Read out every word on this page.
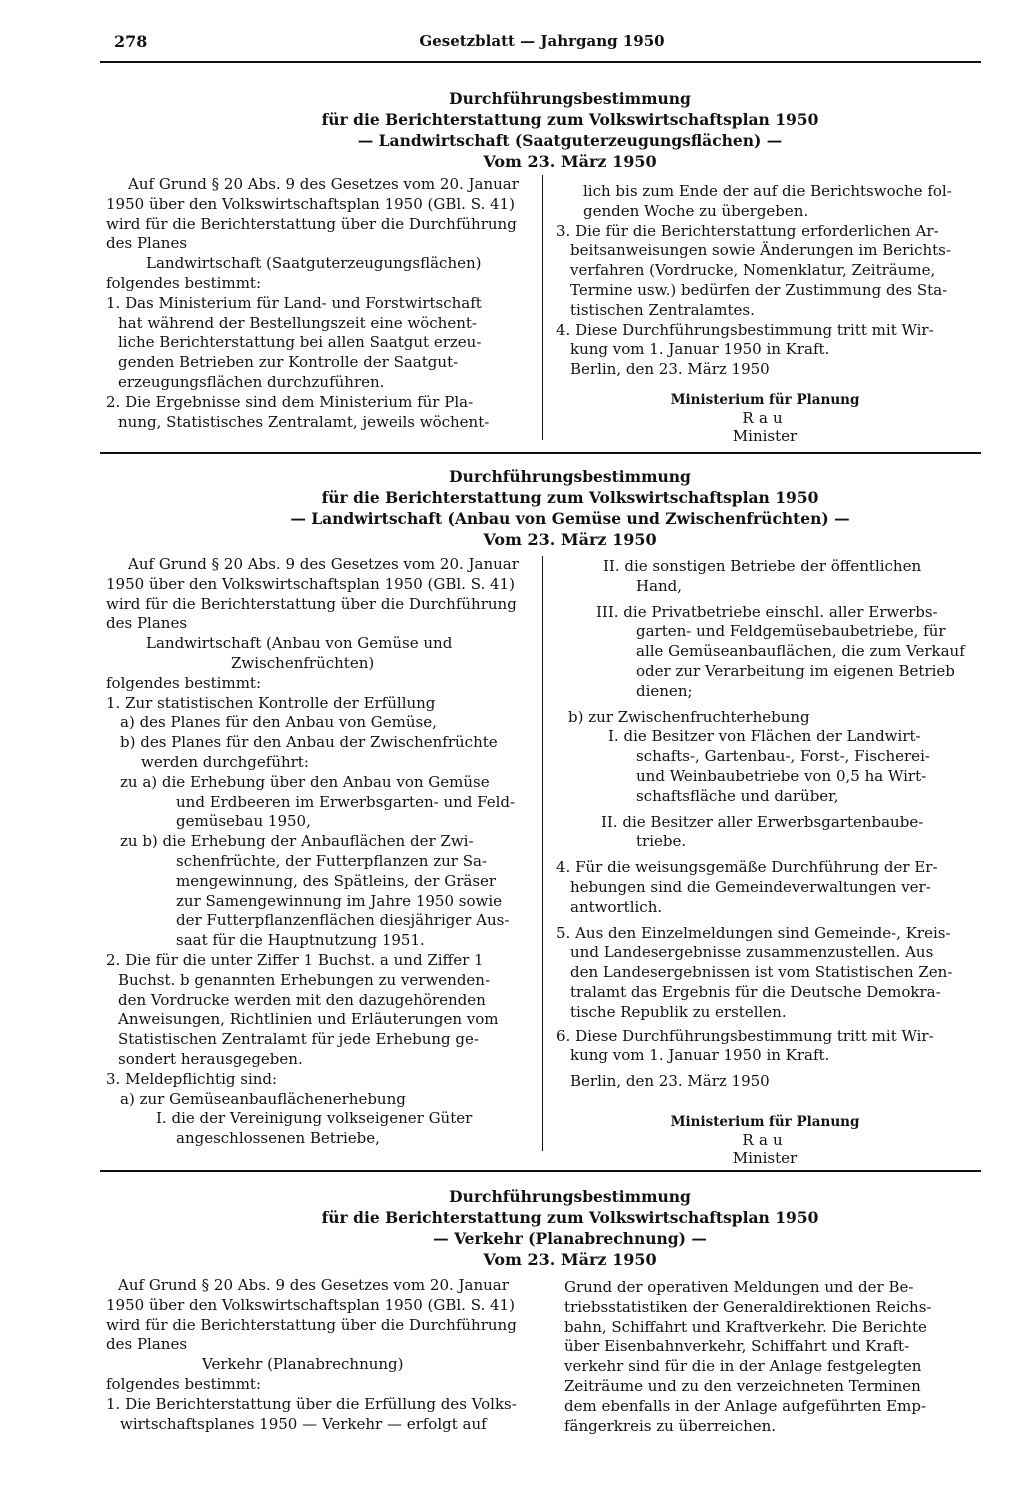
278	Gesetzblatt — Jahrgang 1950
Durchführungsbestimmung
für die Berichterstattung zum Volkswirtschaftsplan 1950
— Landwirtschaft (Saatguterzeugungsflächen) —
Vom 23. März 1950
Auf Grund § 20 Abs. 9 des Gesetzes vom 20. Januar
1950 über den Volkswirtschaftsplan 1950 (GBl. S. 41)
wird für die Berichterstattung über die Durchführung
des Planes
Landwirtschaft (Saatguterzeugungsflächen)
folgendes bestimmt:
1. Das Ministerium für Land- und Forstwirtschaft
hat während der Bestellungszeit eine wöchent-
liche Berichterstattung bei allen Saatgut erzeu-
genden Betrieben zur Kontrolle der Saatgut-
erzeugungsflächen durchzuführen.
2. Die Ergebnisse sind dem Ministerium für Pla-
nung, Statistisches Zentralamt, jeweils wöchent-
lich bis zum Ende der auf die Berichtswoche fol-
genden Woche zu übergeben.
3. Die für die Berichterstattung erforderlichen Ar-
beitsanweisungen sowie Änderungen im Berichts-
verfahren (Vordrucke, Nomenklatur, Zeiträume,
Termine usw.) bedürfen der Zustimmung des Sta-
tistischen Zentralamtes.
4. Diese Durchführungsbestimmung tritt mit Wir-
kung vom 1. Januar 1950 in Kraft.
Berlin, den 23. März 1950
Ministerium für Planung
Rau
Minister
Durchführungsbestimmung
für die Berichterstattung zum Volkswirtschaftsplan 1950
— Landwirtschaft (Anbau von Gemüse und Zwischenfrüchten) —
Vom 23. März 1950
Auf Grund § 20 Abs. 9 des Gesetzes vom 20. Januar
1950 über den Volkswirtschaftsplan 1950 (GBl. S. 41)
wird für die Berichterstattung über die Durchführung
des Planes
Landwirtschaft (Anbau von Gemüse und
Zwischenfrüchten)
folgendes bestimmt:
1. Zur statistischen Kontrolle der Erfüllung
a) des Planes für den Anbau von Gemüse,
b) des Planes für den Anbau der Zwischenfrüchte
werden durchgeführt:
zu a) die Erhebung über den Anbau von Gemüse
und Erdbeeren im Erwerbsgarten- und Feld-
gemüsebau 1950,
zu b) die Erhebung der Anbauflächen der Zwi-
schenfrüchte, der Futterpflanzen zur Sa-
mengewinnung, des Spätleins, der Gräser
zur Samengewinnung im Jahre 1950 sowie
der Futterpflanzenflächen diesjähriger Aus-
saat für die Hauptnutzung 1951.
2. Die für die unter Ziffer 1 Buchst. a und Ziffer 1
Buchst. b genannten Erhebungen zu verwenden-
den Vordrucke werden mit den dazugehörenden
Anweisungen, Richtlinien und Erläuterungen vom
Statistischen Zentralamt für jede Erhebung ge-
sondert herausgegeben.
3. Meldepflichtig sind:
a) zur Gemüseanbauflächenerhebung
I. die der Vereinigung volkseigener Güter
angeschlossenen Betriebe,
II. die sonstigen Betriebe der öffentlichen
Hand,
III. die Privatbetriebe einschl. aller Erwerbs-
garten- und Feldgemüsebaubetriebe, für
alle Gemüseanbauflächen, die zum Verkauf
oder zur Verarbeitung im eigenen Betrieb
dienen;
b) zur Zwischenfruchterhebung
I. die Besitzer von Flächen der Landwirt-
schafts-, Gartenbau-, Forst-, Fischerei-
und Weinbaubetriebe von 0,5 ha Wirt-
schaftsfläche und darüber,
II. die Besitzer aller Erwerbsgartenbaube-
triebe.
4. Für die weisungsgemäße Durchführung der Er-
hebungen sind die Gemeindeverwaltungen ver-
antwortlich.
5. Aus den Einzelmeldungen sind Gemeinde-, Kreis-
und Landesergebnisse zusammenzustellen. Aus
den Landesergebnissen ist vom Statistischen Zen-
tralamt das Ergebnis für die Deutsche Demokra-
tische Republik zu erstellen.
6. Diese Durchführungsbestimmung tritt mit Wir-
kung vom 1. Januar 1950 in Kraft.
Berlin, den 23. März 1950
Ministerium für Planung
Rau
Minister
Durchführungsbestimmung
für die Berichterstattung zum Volkswirtschaftsplan 1950
— Verkehr (Planabrechnung) —
Vom 23. März 1950
Auf Grund § 20 Abs. 9 des Gesetzes vom 20. Januar
1950 über den Volkswirtschaftsplan 1950 (GBl. S. 41)
wird für die Berichterstattung über die Durchführung
des Planes
Verkehr (Planabrechnung)
folgendes bestimmt:
1. Die Berichterstattung über die Erfüllung des Volks-
wirtschaftsplanes 1950 — Verkehr — erfolgt auf
Grund der operativen Meldungen und der Be-
triebsstatistiken der Generaldirektionen Reichs-
bahn, Schiffahrt und Kraftverkehr. Die Berichte
über Eisenbahnverkehr, Schiffahrt und Kraft-
verkehr sind für die in der Anlage festgelegten
Zeiträume und zu den verzeichneten Terminen
dem ebenfalls in der Anlage aufgeführten Emp-
fängerkreis zu überreichen.
